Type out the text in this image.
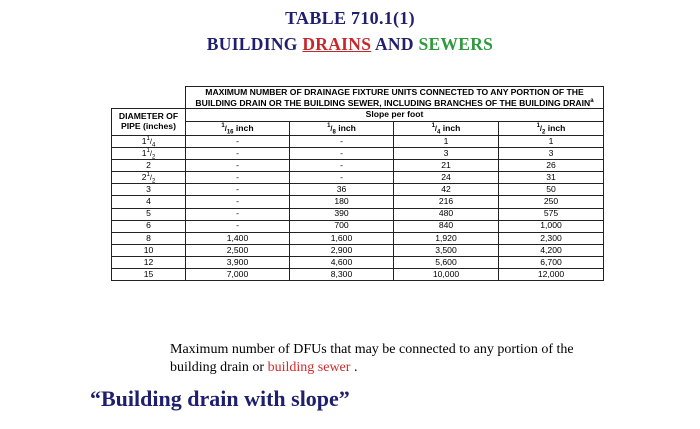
TABLE 710.1(1)
BUILDING DRAINS AND SEWERS
	MAXIMUM NUMBER OF DRAINAGE FIXTURE UNITS CONNECTED TO ANY PORTION OF THE BUILDING DRAIN OR THE BUILDING SEWER, INCLUDING BRANCHES OF THE BUILDING DRAIN$^a$
DIAMETER OF
PIPE (inches)	Slope per foot			
	$^1/_{16}$ inch	$^1/_8$ inch	$^1/_4$ inch	$^1/_2$ inch
$1^1/_4$	-	-	1	1
$1^1/_2$	-	-	3	3
2	-	-	21	26
$2^1/_2$	-	-	24	31
3	-	36	42	50
4	-	180	216	250
5	-	390	480	575
6	-	700	840	1,000
8	1,400	1,600	1,920	2,300
10	2,500	2,900	3,500	4,200
12	3,900	4,600	5,600	6,700
15	7,000	8,300	10,000	12,000
Maximum number of DFUs that may be connected to any portion of the building drain or building sewer .
“Building drain with slope”
